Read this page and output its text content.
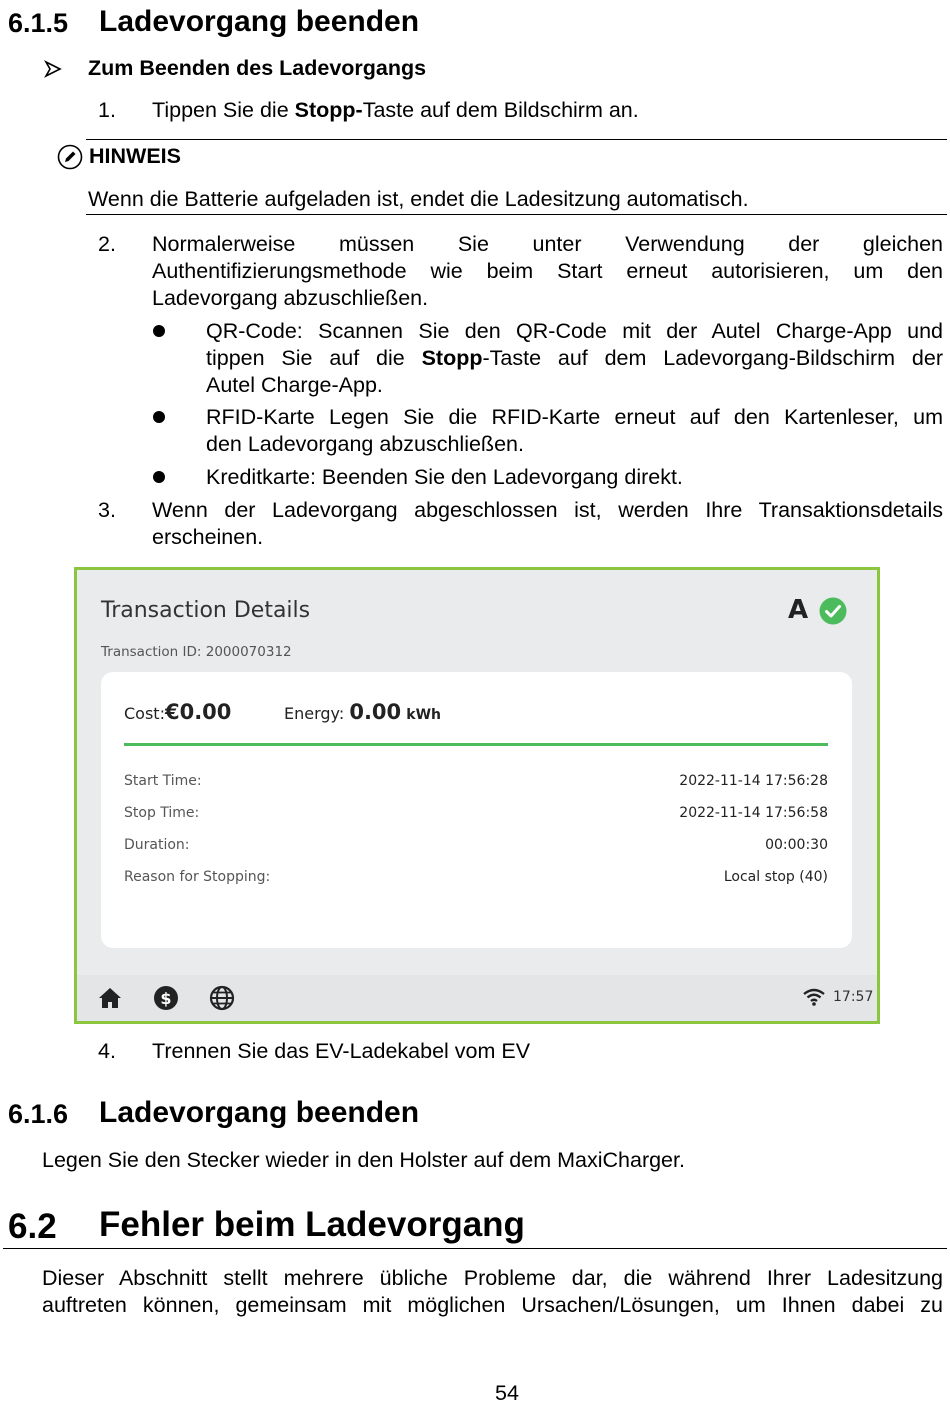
6.1.5 Ladevorgang beenden
Zum Beenden des Ladevorgangs
1. Tippen Sie die Stopp-Taste auf dem Bildschirm an.
HINWEIS
Wenn die Batterie aufgeladen ist, endet die Ladesitzung automatisch.
2. Normalerweise müssen Sie unter Verwendung der gleichen
Authentifizierungsmethode wie beim Start erneut autorisieren, um den
Ladevorgang abzuschließen.
QR-Code: Scannen Sie den QR-Code mit der Autel Charge-App und
tippen Sie auf die Stopp-Taste auf dem Ladevorgang-Bildschirm der
Autel Charge-App.
RFID-Karte Legen Sie die RFID-Karte erneut auf den Kartenleser, um
den Ladevorgang abzuschließen.
Kreditkarte: Beenden Sie den Ladevorgang direkt.
3. Wenn der Ladevorgang abgeschlossen ist, werden Ihre Transaktionsdetails
erscheinen.
Transaction Details
Transaction ID: 2000070312
A
Cost:€0.00	Energy: 0.00 kWh
Start Time:	2022-11-14 17:56:28
Stop Time:	2022-11-14 17:56:58
Duration:	00:00:30
Reason for Stopping:	Local stop (40)
$	17:57
4. Trennen Sie das EV-Ladekabel vom EV
6.1.6 Ladevorgang beenden
Legen Sie den Stecker wieder in den Holster auf dem MaxiCharger.
6.2 Fehler beim Ladevorgang
Dieser Abschnitt stellt mehrere übliche Probleme dar, die während Ihrer Ladesitzung
auftreten können, gemeinsam mit möglichen Ursachen/Lösungen, um Ihnen dabei zu
54
